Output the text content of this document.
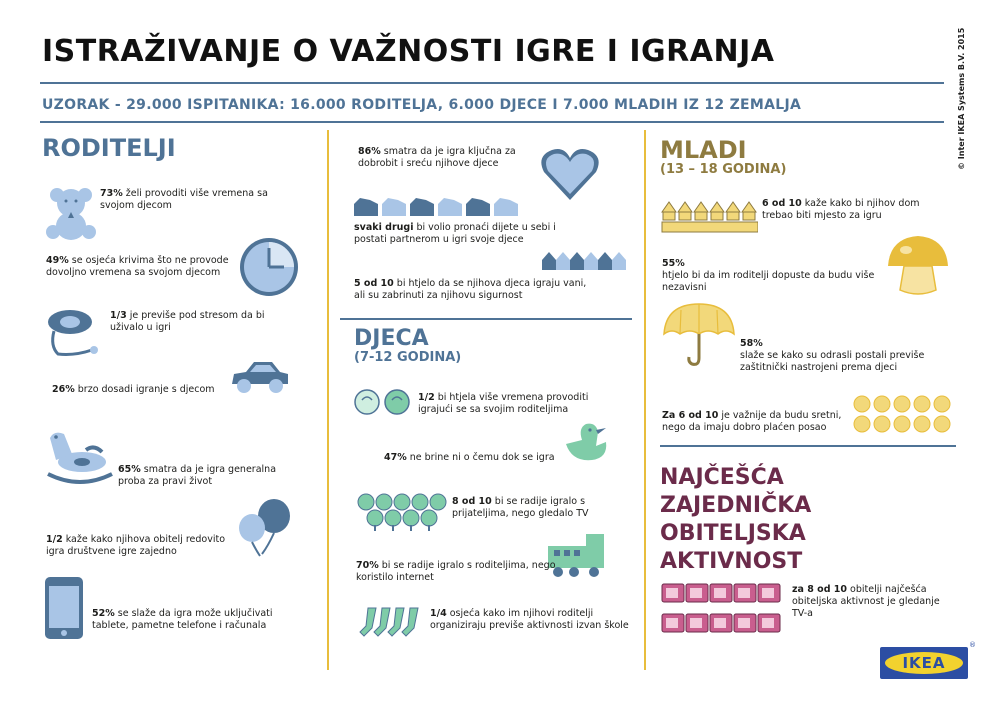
ISTRAŽIVANJE O VAŽNOSTI IGRE I IGRANJA
UZORAK - 29.000 ISPITANIKA: 16.000 RODITELJA, 6.000 DJECE I 7.000 MLADIH IZ 12 ZEMALJA	© Inter IKEA Systems B.V. 2015
RODITELJI
73% želi provoditi više vremena sa svojom djecom
49% se osjeća krivima što ne provode dovoljno vremena sa svojom djecom
1/3 je previše pod stresom da bi uživalo u igri
26% brzo dosadi igranje s djecom
65% smatra da je igra generalna proba za pravi život
1/2 kaže kako njihova obitelj redovito igra društvene igre zajedno
52% se slaže da igra može uključivati tablete, pametne telefone i računala
86% smatra da je igra ključna za dobrobit i sreću njihove djece
svaki drugi bi volio pronaći dijete u sebi i postati partnerom u igri svoje djece
5 od 10 bi htjelo da se njihova djeca igraju vani, ali su zabrinuti za njihovu sigurnost
DJECA
(7-12 GODINA)
1/2 bi htjela više vremena provoditi igrajući se sa svojim roditeljima
47% ne brine ni o čemu dok se igra
8 od 10 bi se radije igralo s prijateljima, nego gledalo TV
70% bi se radije igralo s roditeljima, nego koristilo internet
1/4 osjeća kako im njihovi roditelji organiziraju previše aktivnosti izvan škole
MLADI
(13 – 18 GODINA)
6 od 10 kaže kako bi njihov dom trebao biti mjesto za igru
55%
htjelo bi da im roditelji dopuste da budu više nezavisni
58%
slaže se kako su odrasli postali previše zaštitnički nastrojeni prema djeci
Za 6 od 10 je važnije da budu sretni, nego da imaju dobro plaćen posao
NAJČEŠĆA
ZAJEDNIČKA
OBITELJSKA
AKTIVNOST
za 8 od 10 obitelji najčešća obiteljska aktivnost je gledanje TV-a
IKEA
®
